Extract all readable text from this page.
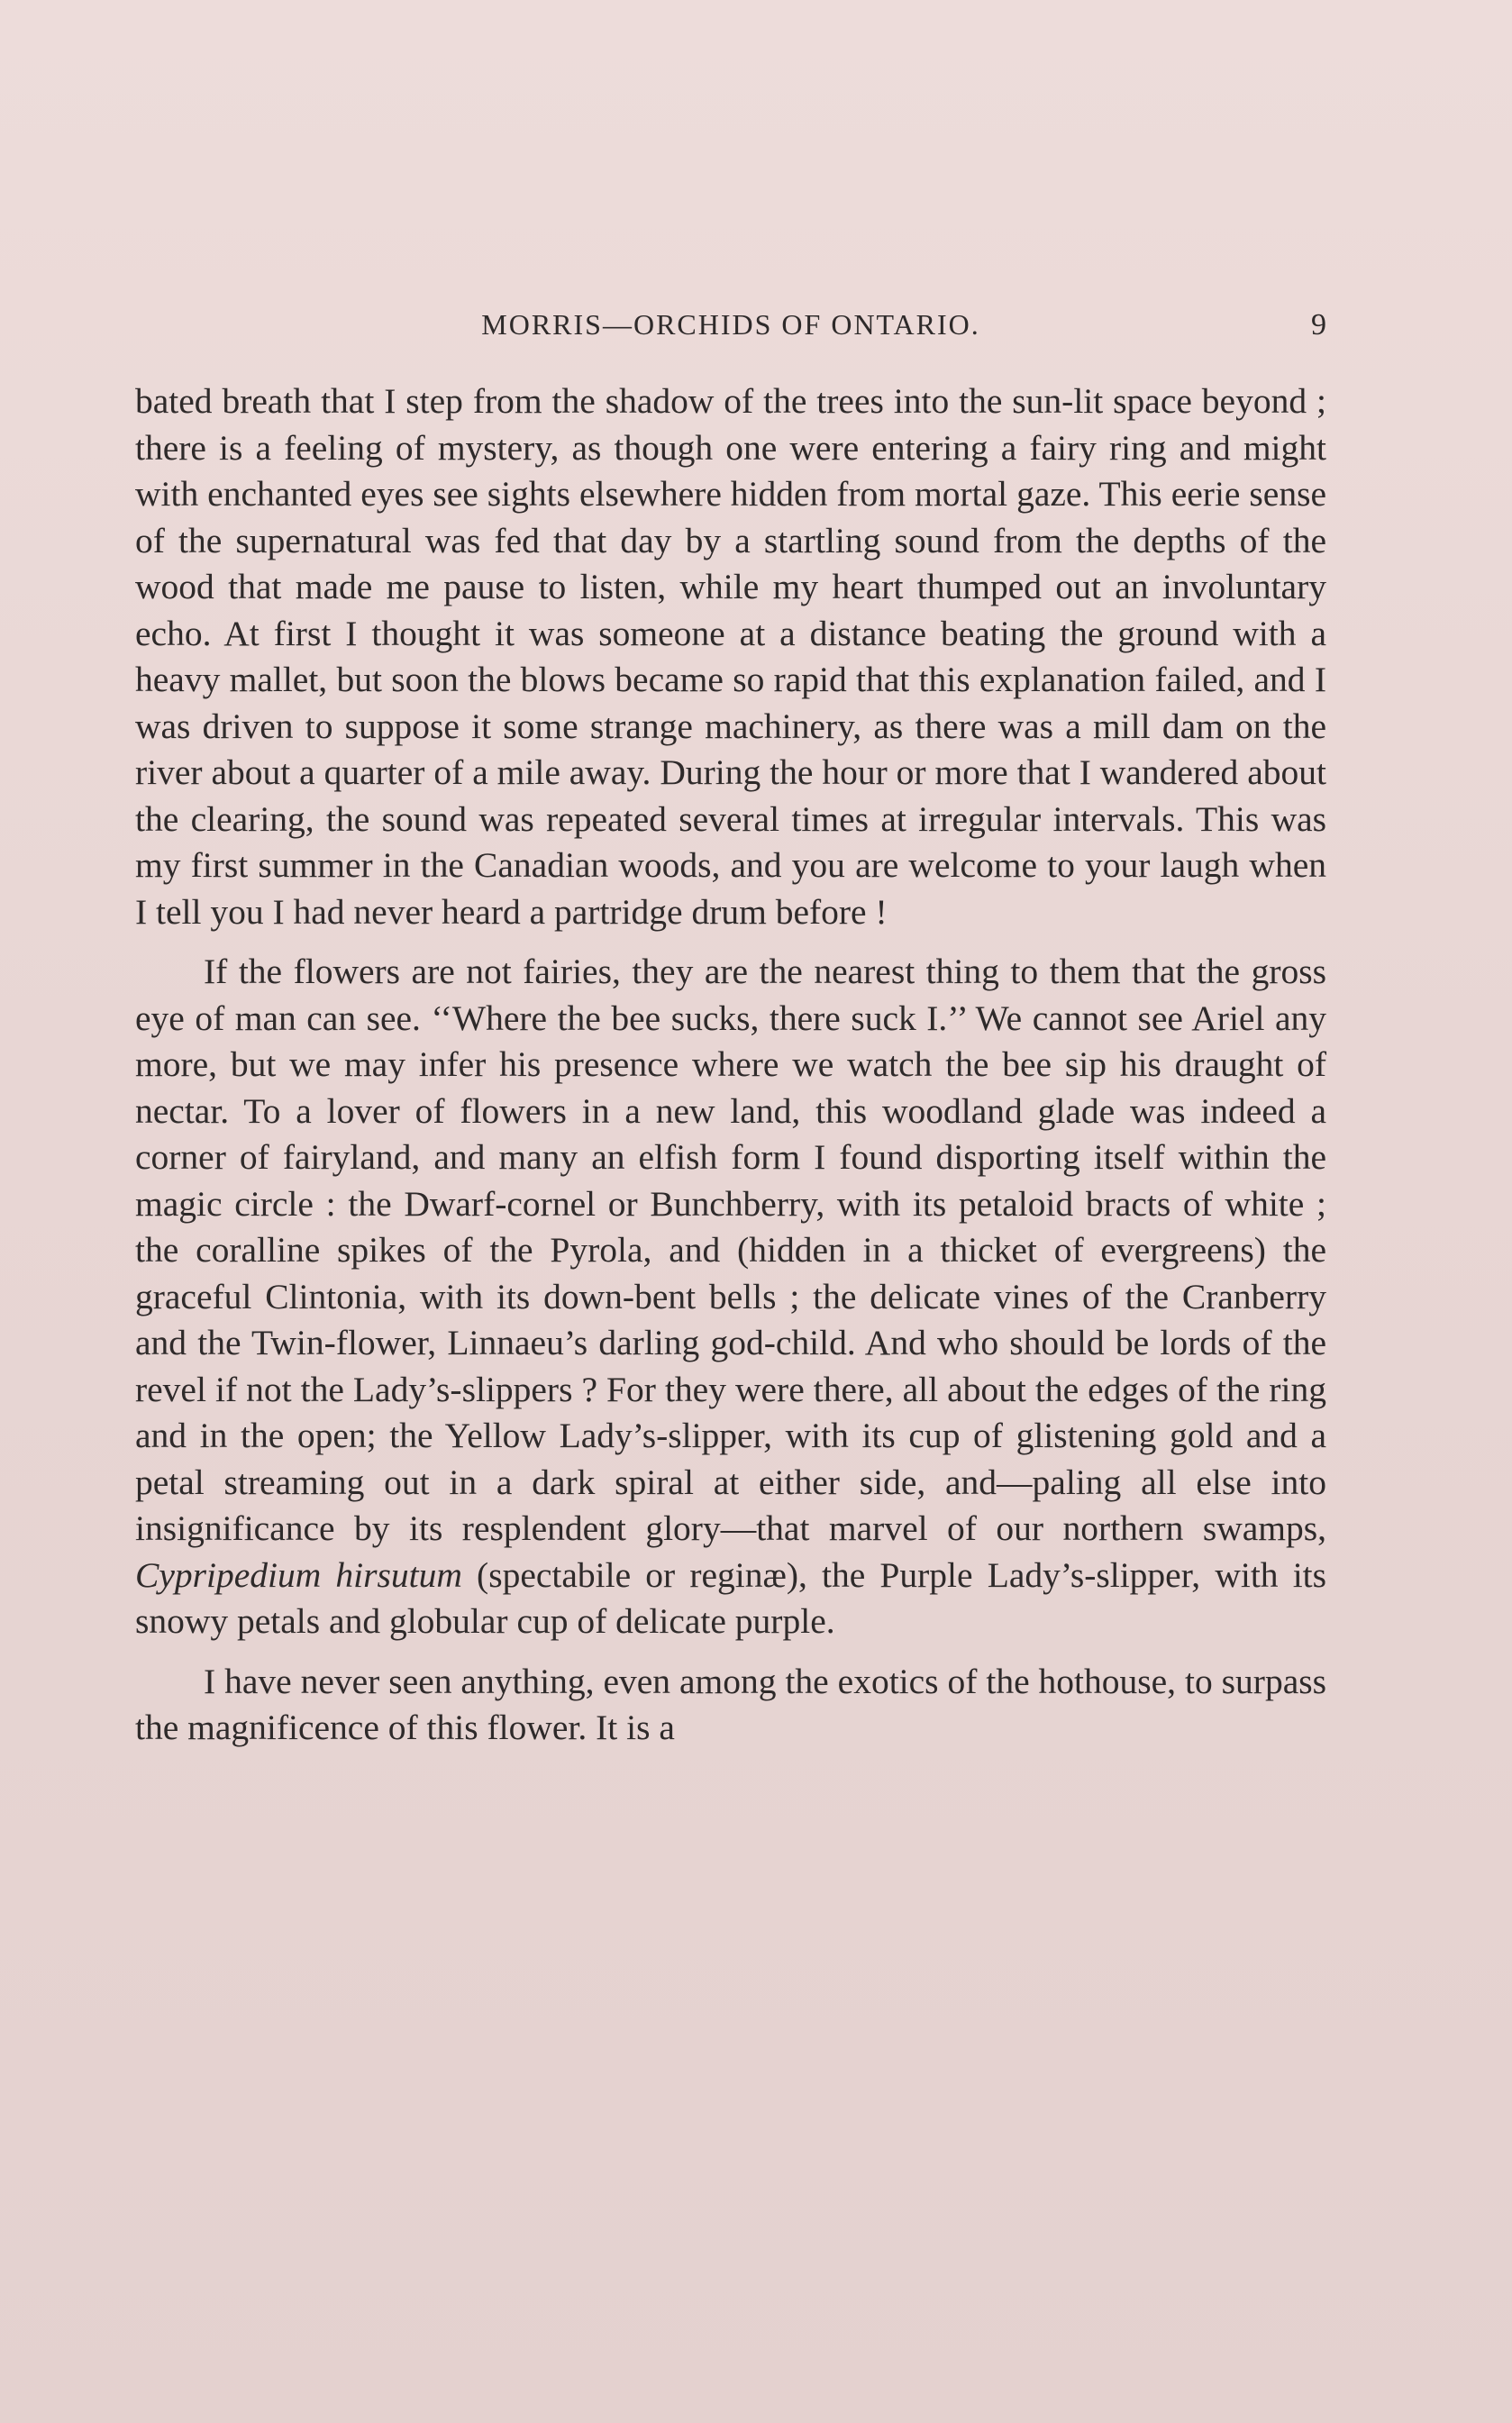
MORRIS—ORCHIDS OF ONTARIO.	9

bated breath that I step from the shadow of the trees into the sun-lit space beyond ; there is a feeling of mystery, as though one were entering a fairy ring and might with enchanted eyes see sights elsewhere hidden from mortal gaze. This eerie sense of the supernatural was fed that day by a startling sound from the depths of the wood that made me pause to listen, while my heart thumped out an involuntary echo. At first I thought it was someone at a distance beating the ground with a heavy mallet, but soon the blows became so rapid that this explanation failed, and I was driven to suppose it some strange machinery, as there was a mill dam on the river about a quarter of a mile away. During the hour or more that I wandered about the clearing, the sound was repeated several times at irregular intervals. This was my first summer in the Canadian woods, and you are welcome to your laugh when I tell you I had never heard a partridge drum before !

If the flowers are not fairies, they are the nearest thing to them that the gross eye of man can see. ‘‘Where the bee sucks, there suck I.’’ We cannot see Ariel any more, but we may infer his presence where we watch the bee sip his draught of nectar. To a lover of flowers in a new land, this woodland glade was indeed a corner of fairyland, and many an elfish form I found disporting itself within the magic circle : the Dwarf-cornel or Bunchberry, with its petaloid bracts of white ; the coralline spikes of the Pyrola, and (hidden in a thicket of evergreens) the graceful Clintonia, with its down-bent bells ; the delicate vines of the Cranberry and the Twin-flower, Linnaeu’s darling god-child. And who should be lords of the revel if not the Lady’s-slippers ? For they were there, all about the edges of the ring and in the open; the Yellow Lady’s-slipper, with its cup of glistening gold and a petal streaming out in a dark spiral at either side, and—paling all else into insignificance by its resplendent glory—that marvel of our northern swamps, Cypripedium hirsutum (spectabile or reginæ), the Purple Lady’s-slipper, with its snowy petals and globular cup of delicate purple.

I have never seen anything, even among the exotics of the hothouse, to surpass the magnificence of this flower. It is a
